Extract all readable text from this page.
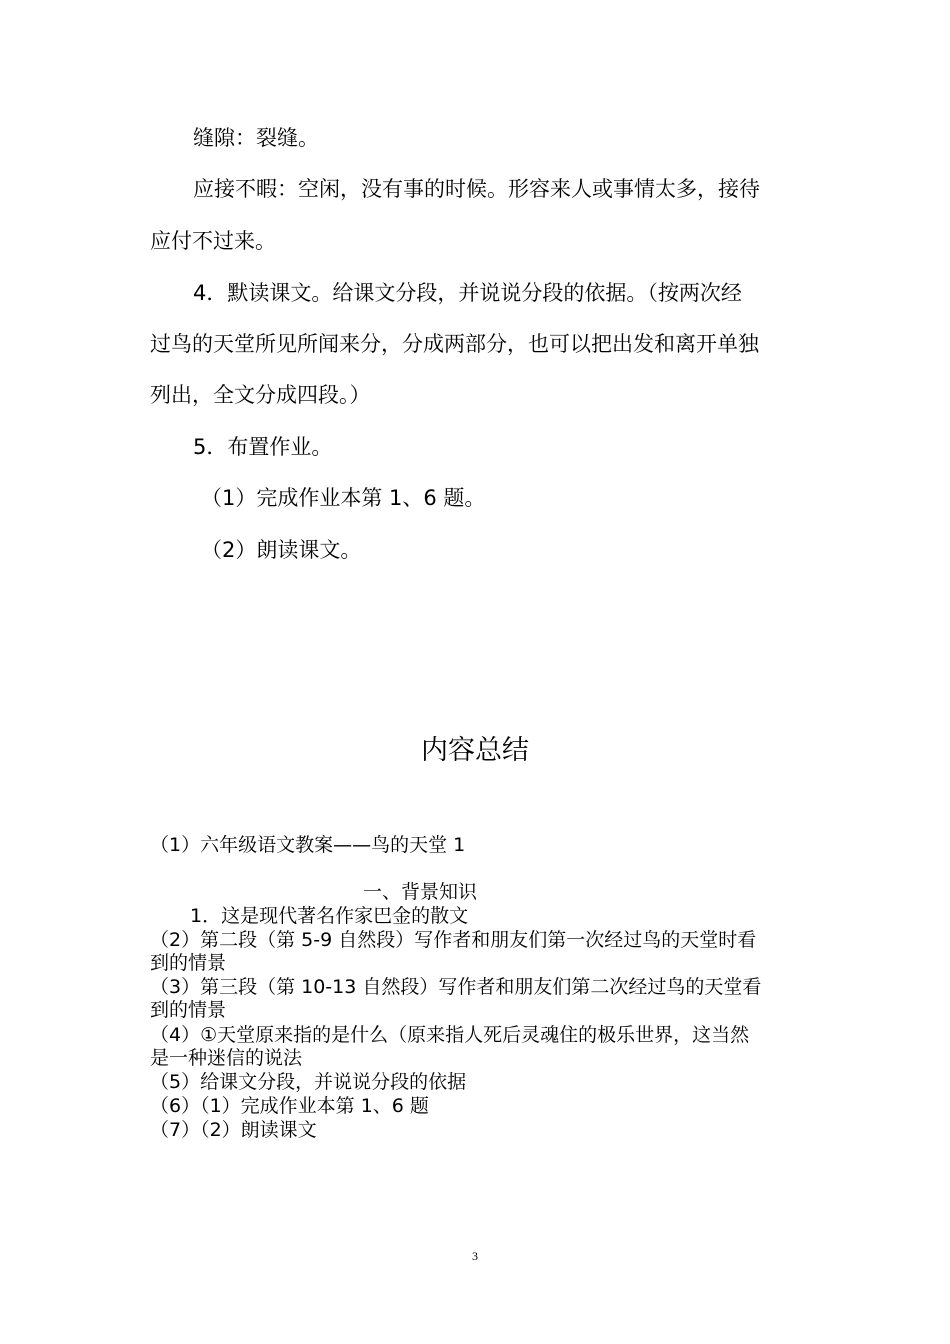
缝隙：裂缝。
应接不暇：空闲，没有事的时候。形容来人或事情太多，接待
应付不过来。
4．默读课文。给课文分段，并说说分段的依据。（按两次经
过鸟的天堂所见所闻来分，分成两部分，也可以把出发和离开单独
列出，全文分成四段。）
5．布置作业。
（1）完成作业本第 1、6 题。
（2）朗读课文。
内容总结
（1）六年级语文教案——鸟的天堂 1
一、背景知识
1．这是现代著名作家巴金的散文
（2）第二段（第 5-9 自然段）写作者和朋友们第一次经过鸟的天堂时看
到的情景
（3）第三段（第 10-13 自然段）写作者和朋友们第二次经过鸟的天堂看
到的情景
（4）①天堂原来指的是什么（原来指人死后灵魂住的极乐世界，这当然
是一种迷信的说法
（5）给课文分段，并说说分段的依据
（6）（1）完成作业本第 1、6 题
（7）（2）朗读课文
3
